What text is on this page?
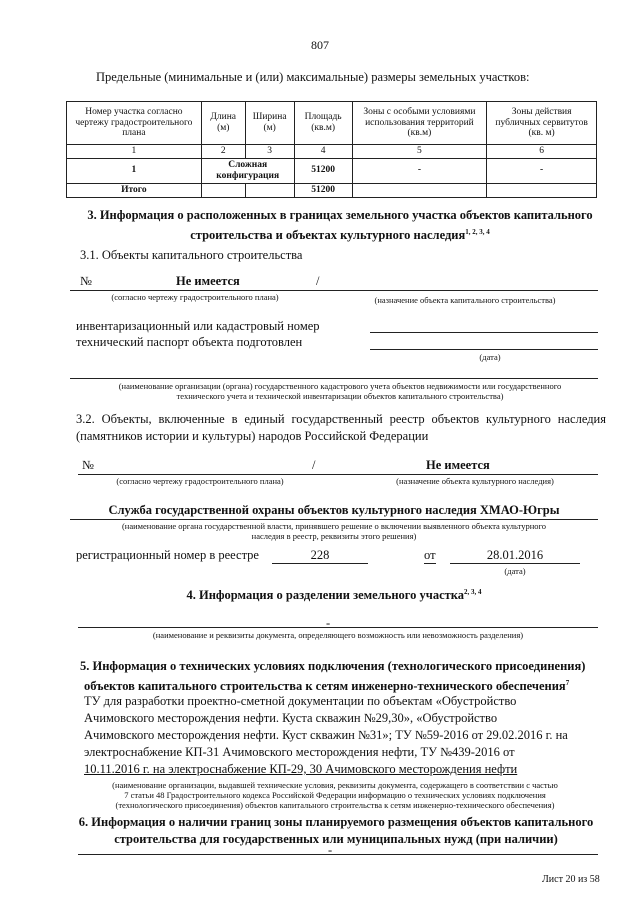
807
Предельные (минимальные и (или) максимальные) размеры земельных участков:
Номер участка согласно чертежу градостроительного плана	Длина (м)	Ширина (м)	Площадь (кв.м)	Зоны с особыми условиями использования территорий (кв.м)	Зоны действия публичных сервитутов (кв. м)
1	2	3	4	5	6
1	Сложная конфигурация		51200	-	-
Итого			51200		
3. Информация о расположенных в границах земельного участка объектов капитального
строительства и объектах культурного наследия$^{1, 2, 3, 4}$
3.1. Объекты капитального строительства
№	Не имеется	/
(согласно чертежу градостроительного плана)	(назначение объекта капитального строительства)
инвентаризационный или кадастровый номер
технический паспорт объекта подготовлен
(дата)
(наименование организации (органа) государственного кадастрового учета объектов недвижимости или государственного
технического учета и технической инвентаризации объектов капитального строительства)
3.2. Объекты, включенные в единый государственный реестр объектов культурного наследия
(памятников истории и культуры) народов Российской Федерации
№	/	Не имеется
(согласно чертежу градостроительного плана)	(назначение объекта культурного наследия)
Служба государственной охраны объектов культурного наследия ХМАО-Югры
(наименование органа государственной власти, принявшего решение о включении выявленного объекта культурного
наследия в реестр, реквизиты этого решения)
регистрационный номер в реестре	228	от	28.01.2016
(дата)
4. Информация о разделении земельного участка$^{2, 3, 4}$
-
(наименование и реквизиты документа, определяющего возможность или невозможность разделения)
5. Информация о технических условиях подключения (технологического присоединения)
объектов капитального строительства к сетям инженерно-технического обеспечения$^7$
ТУ для разработки проектно-сметной документации по объектам «Обустройство
Ачимовского месторождения нефти. Куста скважин №29,30», «Обустройство
Ачимовского месторождения нефти. Куст скважин №31»; ТУ №59-2016 от 29.02.2016 г. на
электроснабжение КП-31 Ачимовского месторождения нефти, ТУ №439-2016 от
10.11.2016 г. на электроснабжение КП-29, 30 Ачимовского месторождения нефти
(наименование организации, выдавшей технические условия, реквизиты документа, содержащего в соответствии с частью
7 статьи 48 Градостроительного кодекса Российской Федерации информацию о технических условиях подключения
(технологического присоединения) объектов капитального строительства к сетям инженерно-технического обеспечения)
6. Информация о наличии границ зоны планируемого размещения объектов капитального
строительства для государственных или муниципальных нужд (при наличии)
-
Лист 20 из 58
